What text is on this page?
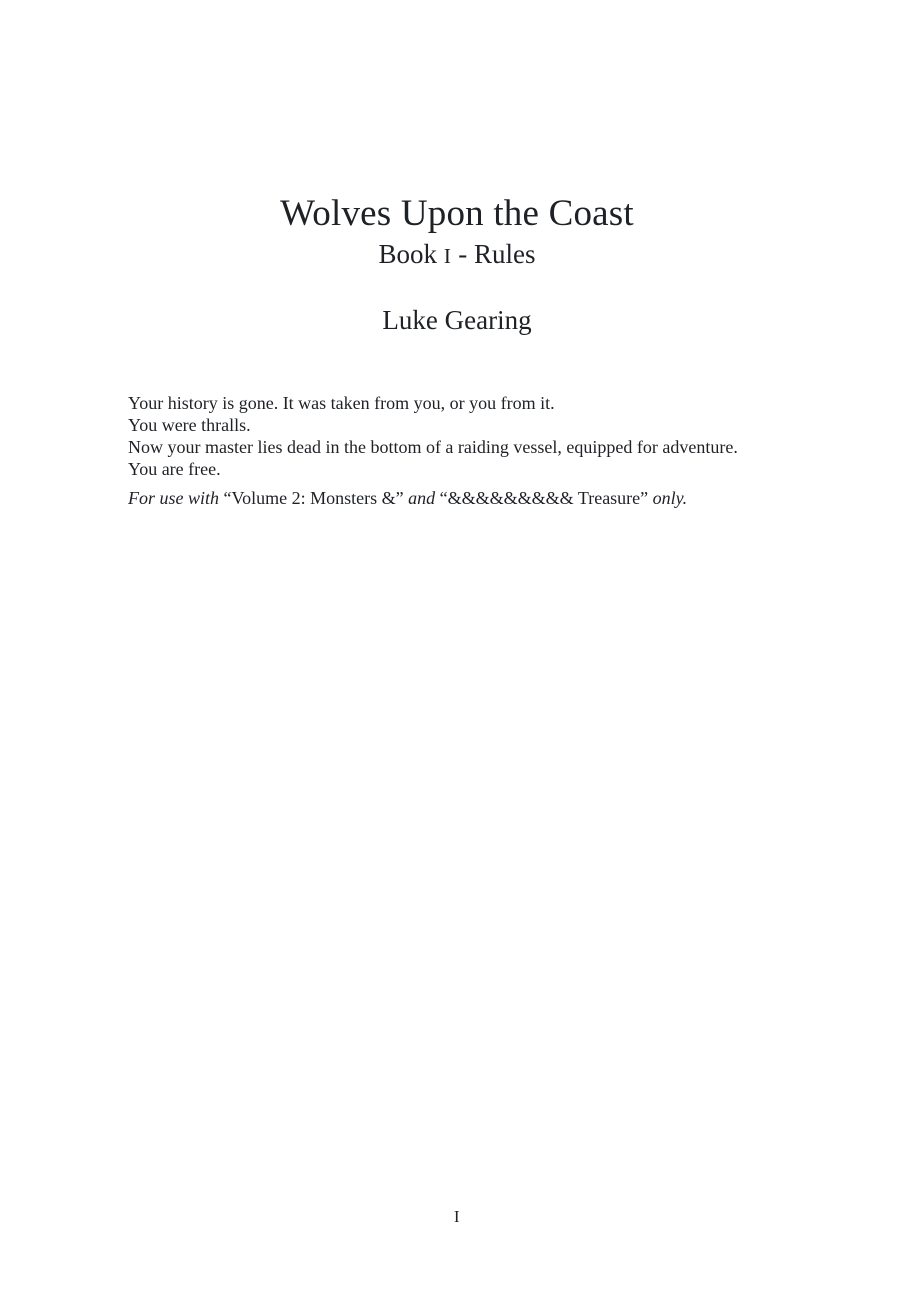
Wolves Upon the Coast
Book I - Rules
Luke Gearing
Your history is gone. It was taken from you, or you from it.
You were thralls.
Now your master lies dead in the bottom of a raiding vessel, equipped for adventure.
You are free.
For use with “Volume 2: Monsters &” and “&&&&&&&&& Treasure” only.
I
